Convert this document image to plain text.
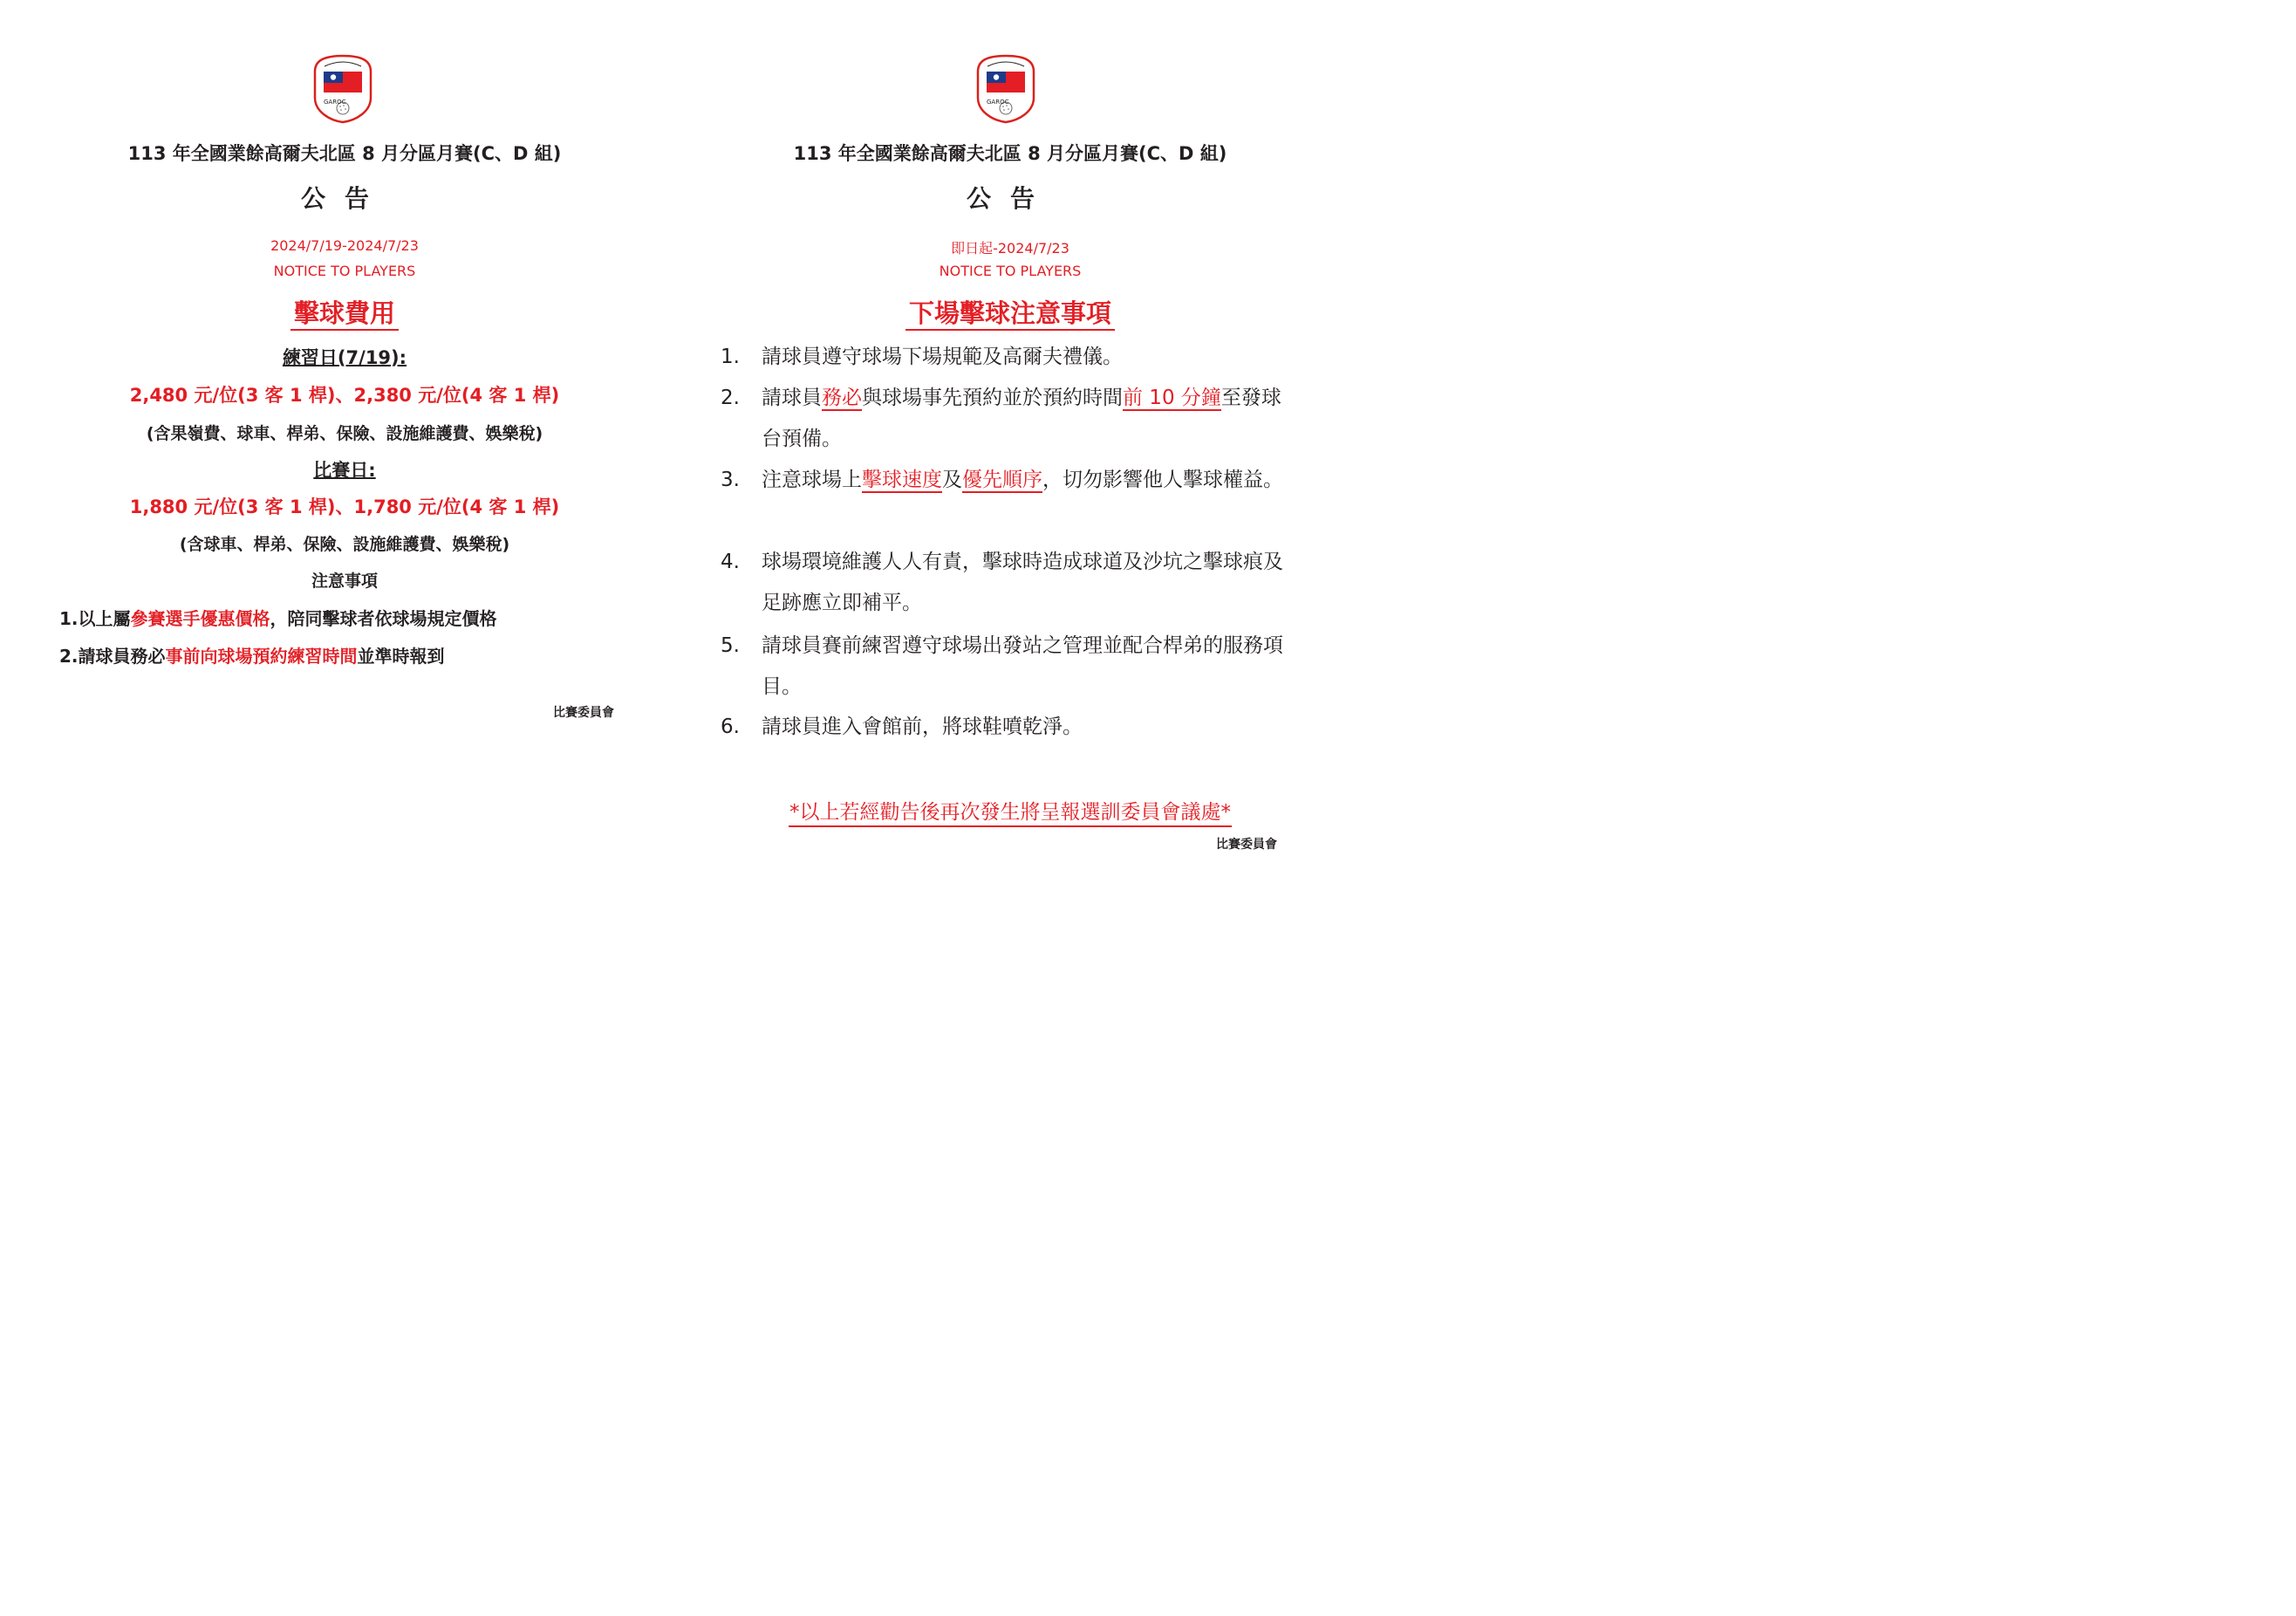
GAROC
113 年全國業餘高爾夫北區 8 月分區月賽(C、D 組)
公告
2024/7/19-2024/7/23
NOTICE TO PLAYERS
擊球費用
練習日(7/19):
2,480 元/位(3 客 1 桿)、2,380 元/位(4 客 1 桿)
(含果嶺費、球車、桿弟、保險、設施維護費、娛樂稅)
比賽日:
1,880 元/位(3 客 1 桿)、1,780 元/位(4 客 1 桿)
(含球車、桿弟、保險、設施維護費、娛樂稅)
注意事項
1.以上屬參賽選手優惠價格，陪同擊球者依球場規定價格
2.請球員務必事前向球場預約練習時間並準時報到
比賽委員會
GAROC
113 年全國業餘高爾夫北區 8 月分區月賽(C、D 組)
公告
即日起-2024/7/23
NOTICE TO PLAYERS
下場擊球注意事項
1.	請球員遵守球場下場規範及高爾夫禮儀。
2.	請球員務必與球場事先預約並於預約時間前 10 分鐘至發球台預備。
3.	注意球場上擊球速度及優先順序，切勿影響他人擊球權益。
4.	球場環境維護人人有責，擊球時造成球道及沙坑之擊球痕及足跡應立即補平。
5.	請球員賽前練習遵守球場出發站之管理並配合桿弟的服務項目。
6.	請球員進入會館前，將球鞋噴乾淨。
*以上若經勸告後再次發生將呈報選訓委員會議處*
比賽委員會
